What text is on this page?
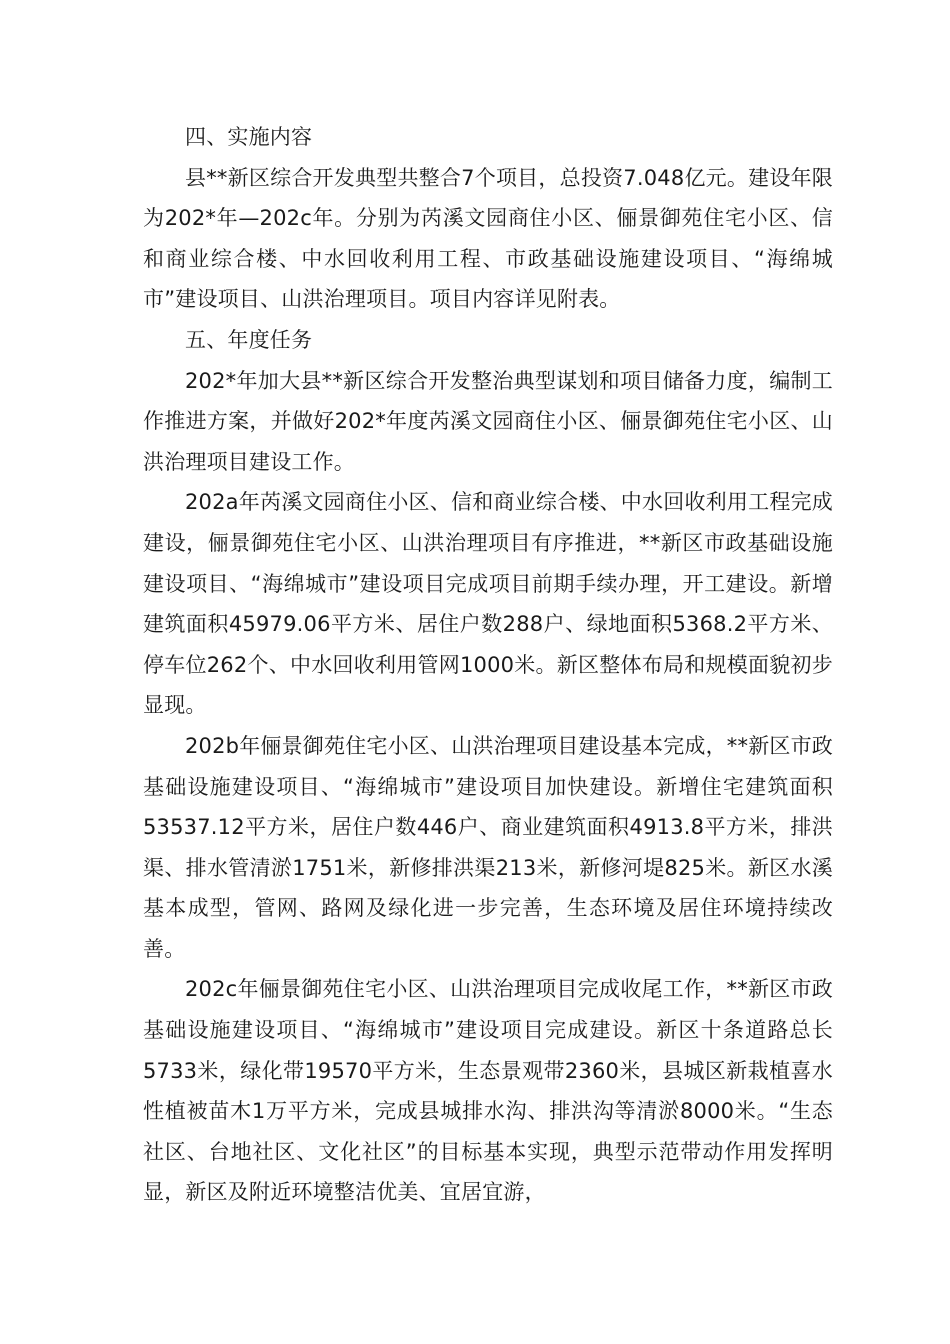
四、实施内容

县**新区综合开发典型共整合7个项目，总投资7.048亿元。建设年限为202*年—202c年。分别为芮溪文园商住小区、俪景御苑住宅小区、信和商业综合楼、中水回收利用工程、市政基础设施建设项目、“海绵城市”建设项目、山洪治理项目。项目内容详见附表。

五、年度任务

202*年加大县**新区综合开发整治典型谋划和项目储备力度，编制工作推进方案，并做好202*年度芮溪文园商住小区、俪景御苑住宅小区、山洪治理项目建设工作。

202a年芮溪文园商住小区、信和商业综合楼、中水回收利用工程完成建设，俪景御苑住宅小区、山洪治理项目有序推进，**新区市政基础设施建设项目、“海绵城市”建设项目完成项目前期手续办理，开工建设。新增建筑面积45979.06平方米、居住户数288户、绿地面积5368.2平方米、停车位262个、中水回收利用管网1000米。新区整体布局和规模面貌初步显现。

202b年俪景御苑住宅小区、山洪治理项目建设基本完成，**新区市政基础设施建设项目、“海绵城市”建设项目加快建设。新增住宅建筑面积53537.12平方米，居住户数446户、商业建筑面积4913.8平方米，排洪渠、排水管清淤1751米，新修排洪渠213米，新修河堤825米。新区水溪基本成型，管网、路网及绿化进一步完善，生态环境及居住环境持续改善。

202c年俪景御苑住宅小区、山洪治理项目完成收尾工作，**新区市政基础设施建设项目、“海绵城市”建设项目完成建设。新区十条道路总长5733米，绿化带19570平方米，生态景观带2360米，县城区新栽植喜水性植被苗木1万平方米，完成县城排水沟、排洪沟等清淤8000米。“生态社区、台地社区、文化社区”的目标基本实现，典型示范带动作用发挥明显，新区及附近环境整洁优美、宜居宜游，
